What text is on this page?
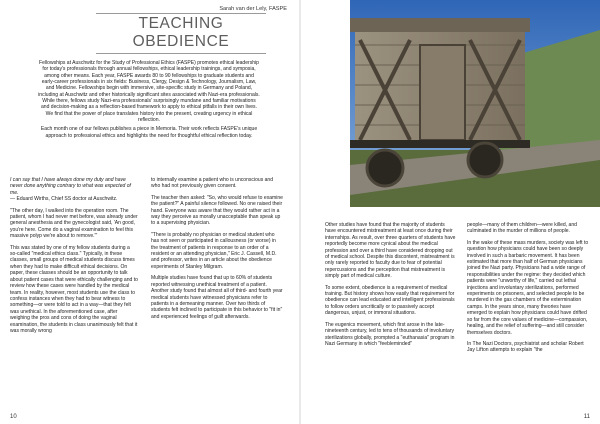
Sarah van der Lely, FASPE
TEACHING
OBEDIENCE

Fellowships at Auschwitz for the Study of Professional Ethics (FASPE) promotes ethical leadership for today's professionals through annual fellowships, ethical leadership trainings, and symposia, among other means. Each year, FASPE awards 80 to 90 fellowships to graduate students and early-career professionals in six fields: Business, Clergy, Design & Technology, Journalism, Law, and Medicine. Fellowships begin with immersive, site-specific study in Germany and Poland, including at Auschwitz and other historically significant sites associated with Nazi-era professionals. While there, fellows study Nazi-era professionals' surprisingly mundane and familiar motivations and decision-making as a reflection-based framework to apply to ethical pitfalls in their own lives. We find that the power of place translates history into the present, creating urgency in ethical reflection.

Each month one of our fellows publishes a piece in Memoria. Their work reflects FASPE's unique approach to professional ethics and highlights the need for thoughtful ethical reflection today.

I can say that I have always done my duty and have never done anything contrary to what was expected of me.

— Eduard Wirths, Chief SS doctor at Auschwitz.

"The other day, I walked into the operation room. The patient, whom I had never met before, was already under general anesthesia and the gynecologist said, 'An good, you're here. Come do a vaginal examination to feel this massive polyp we're about to remove.'"

This was stated by one of my fellow students during a so-called "medical ethics class." Typically, in these classes, small groups of medical students discuss times when they had to make difficult ethical decisions. On paper, these classes should be an opportunity to talk about patient cases that were ethically challenging and to review how these cases were handled by the medical team. In reality, however, most students use the class to confess instances when they had to bear witness to something—or were told to act in a way—that they felt was unethical. In the aforementioned case, after weighing the pros and cons of doing the vaginal examination, the students in class unanimously felt that it was morally wrong

to internally examine a patient who is unconscious and who had not previously given consent.

The teacher then asked: "So, who would refuse to examine the patient?" A painful silence followed. No one raised their hand. Everyone was aware that they would rather act in a way they perceive as morally unacceptable than speak up to a supervising physician.

"There is probably no physician or medical student who has not seen or participated in callousness (or worse) in the treatment of patients in response to an order of a resident or an attending physician," Eric J. Cassell, M.D. and professor, writes in an article about the obedience experiments of Stanley Milgram.

Multiple studies have found that up to 60% of students reported witnessing unethical treatment of a patient. Another study found that almost all of third- and fourth year medical students have witnessed physicians refer to patients in a demeaning manner. Over two thirds of students felt inclined to participate in this behavior to "fit in" and experienced feelings of guilt afterwards.

10	11

Other studies have found that the majority of students have encountered mistreatment at least once during their internships. As result, over three quarters of students have reportedly become more cynical about the medical profession and over a third have considered dropping out of medical school. Despite this discontent, mistreatment is only rarely reported to faculty due to fear of potential repercussions and the perception that mistreatment is simply part of medical culture.

To some extent, obedience is a requirement of medical training. But history shows how easily that requirement for obedience can lead educated and intelligent professionals to follow orders uncritically or to passively accept dangerous, unjust, or immoral situations.

The eugenics movement, which first arose in the late-nineteenth century, led to tens of thousands of involuntary sterilizations globally, prompted a "euthanasia" program in Nazi Germany in which "feebleminded"

people—many of them children—were killed, and culminated in the murder of millions of people.

In the wake of these mass murders, society was left to question how physicians could have been so deeply involved in such a barbaric movement. It has been estimated that more than half of German physicians joined the Nazi party. Physicians had a wide range of responsibilities under the regime: they decided which patients were "unworthy of life," carried out lethal injections and involuntary sterilizations, performed experiments on prisoners, and selected people to be murdered in the gas chambers of the extermination camps. In the years since, many theories have emerged to explain how physicians could have drifted so far from the core values of medicine—compassion, healing, and the relief of suffering—and still consider themselves doctors.

In The Nazi Doctors, psychiatrist and scholar Robert Jay Lifton attempts to explain "the
